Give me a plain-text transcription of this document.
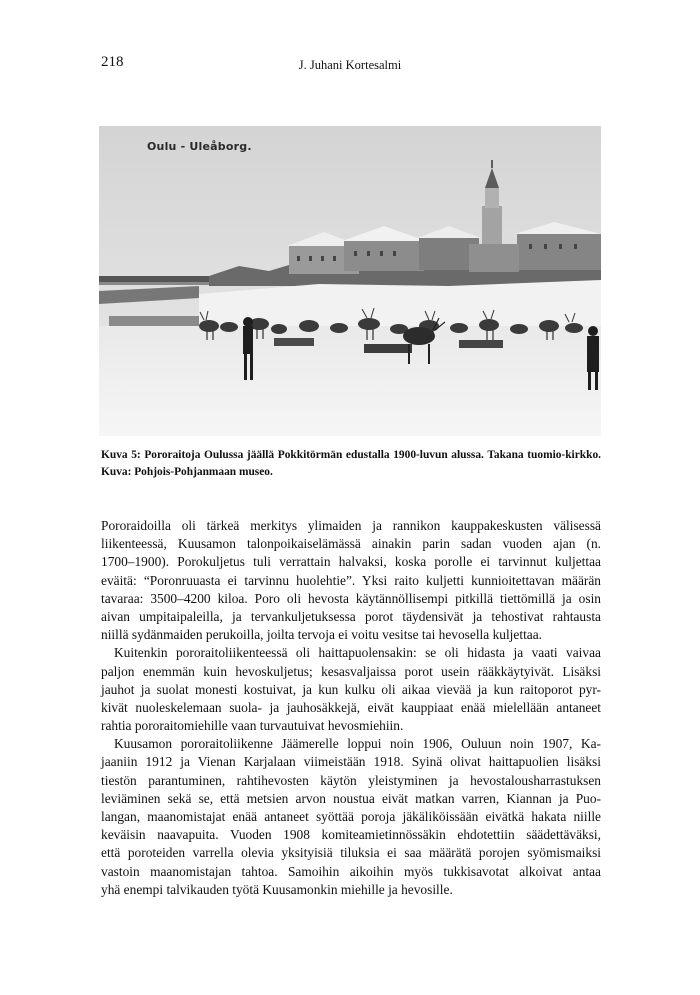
218	J. Juhani Kortesalmi
Oulu - Uleåborg.
Kuva 5: Pororaitoja Oulussa jäällä Pokkitörmän edustalla 1900-luvun alussa. Takana tuomio-kirkko. Kuva: Pohjois-Pohjanmaan museo.
Pororaidoilla oli tärkeä merkitys ylimaiden ja rannikon kauppakeskusten välisessä
liikenteessä, Kuusamon talonpoikaiselämässä ainakin parin sadan vuoden ajan (n.
1700–1900). Porokuljetus tuli verrattain halvaksi, koska porolle ei tarvinnut kuljettaa
eväitä: “Poronruuasta ei tarvinnu huolehtie”. Yksi raito kuljetti kunnioitettavan määrän
tavaraa: 3500–4200 kiloa. Poro oli hevosta käytännöllisempi pitkillä tiettömillä ja osin
aivan umpitaipaleilla, ja tervankuljetuksessa porot täydensivät ja tehostivat rahtausta
niillä sydänmaiden perukoilla, joilta tervoja ei voitu vesitse tai hevosella kuljettaa.
Kuitenkin pororaitoliikenteessä oli haittapuolensakin: se oli hidasta ja vaati vaivaa
paljon enemmän kuin hevoskuljetus; kesasvaljaissa porot usein rääkkäytyivät. Lisäksi
jauhot ja suolat monesti kostuivat, ja kun kulku oli aikaa vievää ja kun raitoporot pyr-
kivät nuoleskelemaan suola- ja jauhosäkkejä, eivät kauppiaat enää mielellään antaneet
rahtia pororaitomiehille vaan turvautuivat hevosmiehiin.
Kuusamon pororaitoliikenne Jäämerelle loppui noin 1906, Ouluun noin 1907, Ka-
jaaniin 1912 ja Vienan Karjalaan viimeistään 1918. Syinä olivat haittapuolien lisäksi
tiestön parantuminen, rahtihevosten käytön yleistyminen ja hevostalousharrastuksen
leviäminen sekä se, että metsien arvon noustua eivät matkan varren, Kiannan ja Puo-
langan, maanomistajat enää antaneet syöttää poroja jäkäliköissään eivätkä hakata niille
keväisin naavapuita. Vuoden 1908 komiteamietinnössäkin ehdotettiin säädettäväksi,
että poroteiden varrella olevia yksityisiä tiluksia ei saa määrätä porojen syömismaiksi
vastoin maanomistajan tahtoa. Samoihin aikoihin myös tukkisavotat alkoivat antaa
yhä enempi talvikauden työtä Kuusamonkin miehille ja hevosille.
